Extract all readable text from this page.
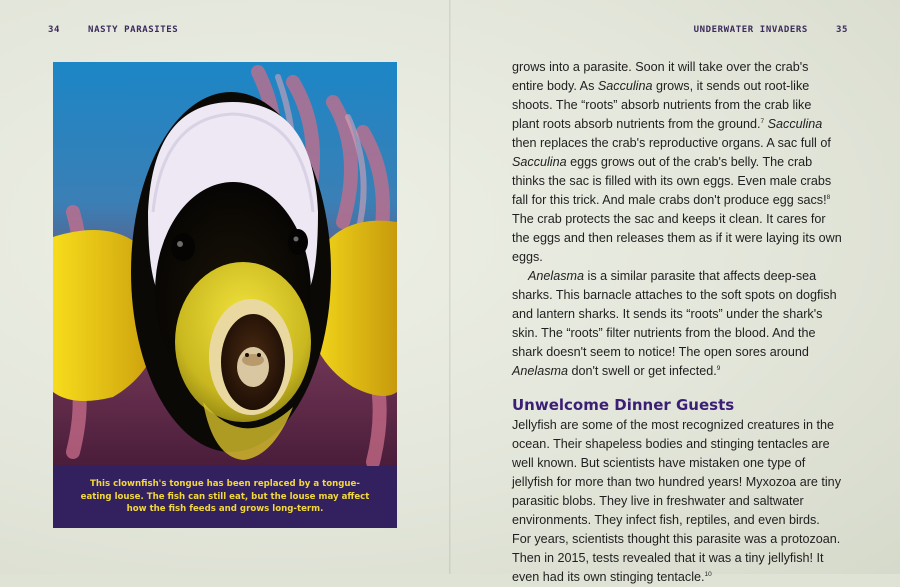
34	NASTY PARASITES	UNDERWATER INVADERS	35
This clownfish's tongue has been replaced by a tongue-eating louse. The fish can still eat, but the louse may affect how the fish feeds and grows long-term.

grows into a parasite. Soon it will take over the crab's entire body. As Sacculina grows, it sends out root-like shoots. The “roots” absorb nutrients from the crab like plant roots absorb nutrients from the ground.$^7$ Sacculina then replaces the crab's reproductive organs. A sac full of Sacculina eggs grows out of the crab's belly. The crab thinks the sac is filled with its own eggs. Even male crabs fall for this trick. And male crabs don't produce egg sacs!$^8$ The crab protects the sac and keeps it clean. It cares for the eggs and then releases them as if it were laying its own eggs.

Anelasma is a similar parasite that affects deep-sea sharks. This barnacle attaches to the soft spots on dogfish and lantern sharks. It sends its “roots” under the shark's skin. The “roots” filter nutrients from the blood. And the shark doesn't seem to notice! The open sores around Anelasma don't swell or get infected.$^9$

Unwelcome Dinner Guests

Jellyfish are some of the most recognized creatures in the ocean. Their shapeless bodies and stinging tentacles are well known. But scientists have mistaken one type of jellyfish for more than two hundred years! Myxozoa are tiny parasitic blobs. They live in freshwater and saltwater environments. They infect fish, reptiles, and even birds. For years, scientists thought this parasite was a protozoan. Then in 2015, tests revealed that it was a tiny jellyfish! It even had its own stinging tentacle.$^{10}$
